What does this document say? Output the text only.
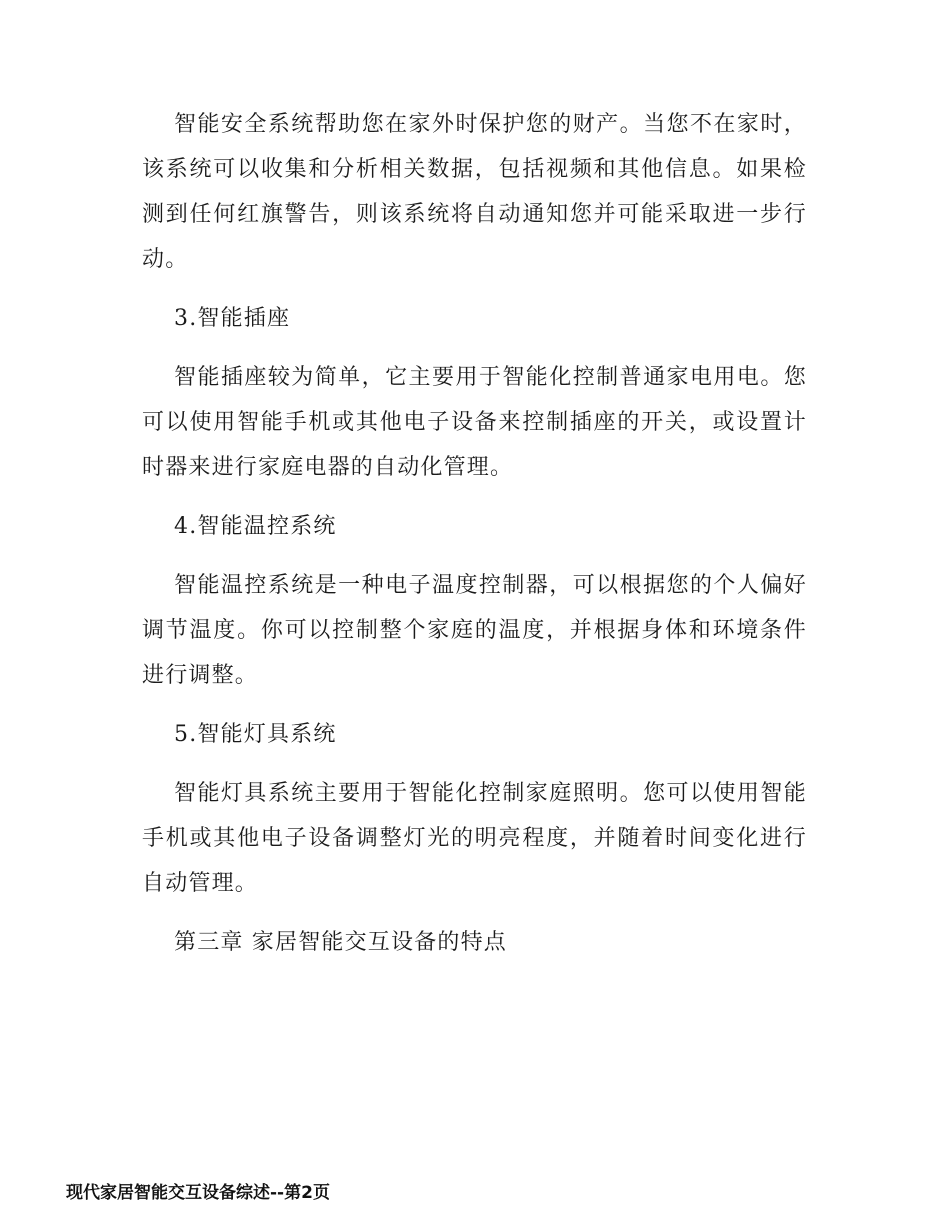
智能安全系统帮助您在家外时保护您的财产。当您不在家时，该系统可以收集和分析相关数据，包括视频和其他信息。如果检测到任何红旗警告，则该系统将自动通知您并可能采取进一步行动。

3.智能插座

智能插座较为简单，它主要用于智能化控制普通家电用电。您可以使用智能手机或其他电子设备来控制插座的开关，或设置计时器来进行家庭电器的自动化管理。

4.智能温控系统

智能温控系统是一种电子温度控制器，可以根据您的个人偏好调节温度。你可以控制整个家庭的温度，并根据身体和环境条件进行调整。

5.智能灯具系统

智能灯具系统主要用于智能化控制家庭照明。您可以使用智能手机或其他电子设备调整灯光的明亮程度，并随着时间变化进行自动管理。

第三章 家居智能交互设备的特点

现代家居智能交互设备综述--第2页
